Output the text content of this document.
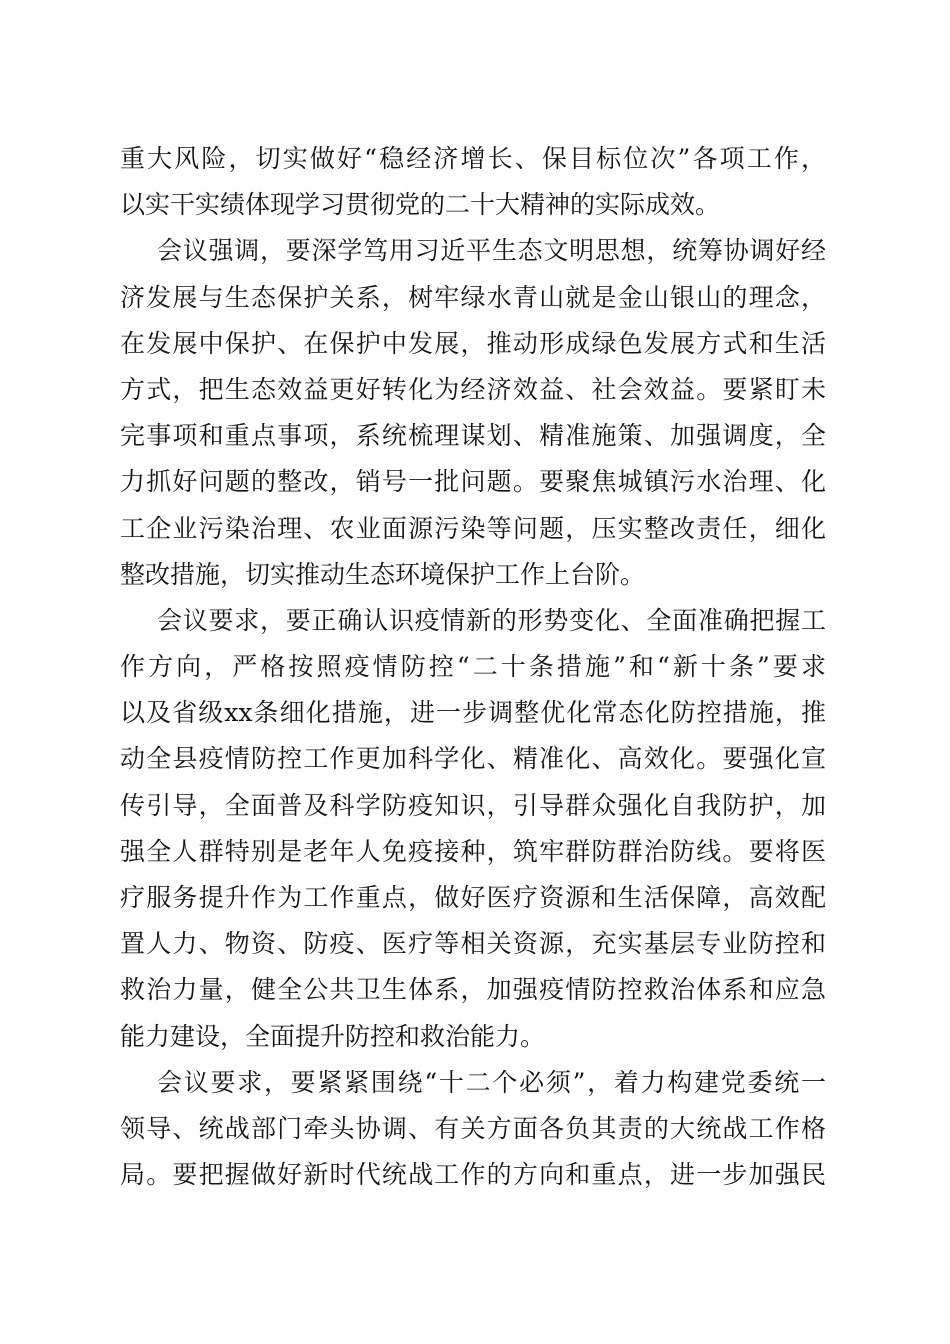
重大风险，切实做好“稳经济增长、保目标位次”各项工作，
以实干实绩体现学习贯彻党的二十大精神的实际成效。
会议强调，要深学笃用习近平生态文明思想，统筹协调好经
济发展与生态保护关系，树牢绿水青山就是金山银山的理念，
在发展中保护、在保护中发展，推动形成绿色发展方式和生活
方式，把生态效益更好转化为经济效益、社会效益。要紧盯未
完事项和重点事项，系统梳理谋划、精准施策、加强调度，全
力抓好问题的整改，销号一批问题。要聚焦城镇污水治理、化
工企业污染治理、农业面源污染等问题，压实整改责任，细化
整改措施，切实推动生态环境保护工作上台阶。
会议要求，要正确认识疫情新的形势变化、全面准确把握工
作方向，严格按照疫情防控“二十条措施”和“新十条”要求
以及省级xx条细化措施，进一步调整优化常态化防控措施，推
动全县疫情防控工作更加科学化、精准化、高效化。要强化宣
传引导，全面普及科学防疫知识，引导群众强化自我防护，加
强全人群特别是老年人免疫接种，筑牢群防群治防线。要将医
疗服务提升作为工作重点，做好医疗资源和生活保障，高效配
置人力、物资、防疫、医疗等相关资源，充实基层专业防控和
救治力量，健全公共卫生体系，加强疫情防控救治体系和应急
能力建设，全面提升防控和救治能力。
会议要求，要紧紧围绕“十二个必须”，着力构建党委统一
领导、统战部门牵头协调、有关方面各负其责的大统战工作格
局。要把握做好新时代统战工作的方向和重点，进一步加强民
